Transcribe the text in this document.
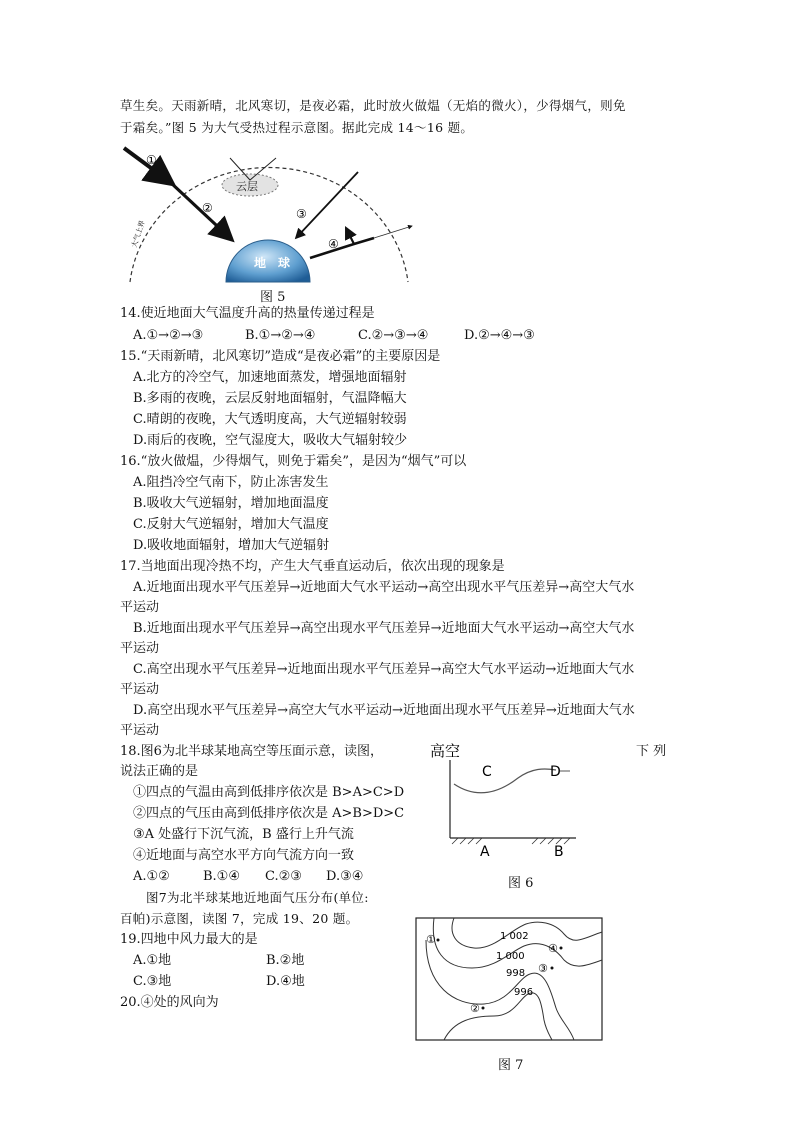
草生矣。天雨新晴，北风寒切，是夜必霜，此时放火做煴（无焰的微火），少得烟气，则免
于霜矣。”图 5 为大气受热过程示意图。据此完成 14～16 题。
地　球
云层
①
②	③
④
大气上界
图 5
14.使近地面大气温度升高的热量传递过程是
A.①→②→③	B.①→②→④	C.②→③→④	D.②→④→③
15.“天雨新晴，北风寒切”造成“是夜必霜”的主要原因是
A.北方的冷空气，加速地面蒸发，增强地面辐射
B.多雨的夜晚，云层反射地面辐射，气温降幅大
C.晴朗的夜晚，大气透明度高，大气逆辐射较弱
D.雨后的夜晚，空气湿度大，吸收大气辐射较少
16.“放火做煴，少得烟气，则免于霜矣”，是因为“烟气”可以
A.阻挡冷空气南下，防止冻害发生
B.吸收大气逆辐射，增加地面温度
C.反射大气逆辐射，增加大气温度
D.吸收地面辐射，增加大气逆辐射
17.当地面出现冷热不均，产生大气垂直运动后，依次出现的现象是
A.近地面出现水平气压差异→近地面大气水平运动→高空出现水平气压差异→高空大气水
平运动
B.近地面出现水平气压差异→高空出现水平气压差异→近地面大气水平运动→高空大气水
平运动
C.高空出现水平气压差异→近地面出现水平气压差异→高空大气水平运动→近地面大气水
平运动
D.高空出现水平气压差异→高空大气水平运动→近地面出现水平气压差异→近地面大气水
平运动
18.图6为北半球某地高空等压面示意，读图，	下 列
说法正确的是
①四点的气温由高到低排序依次是 B>A>C>D
②四点的气压由高到低排序依次是 A>B>D>C
③A 处盛行下沉气流，B 盛行上升气流
④近地面与高空水平方向气流方向一致
A.①②	B.①④ C.②③ D.③④
高空
C	D
A	B
图 6
图7为北半球某地近地面气压分布(单位:
百帕)示意图，读图 7，完成 19、20 题。
19.四地中风力最大的是
A.①地	B.②地
C.③地	D.④地
20.④处的风向为
1 002
1 000
998
996
①
④
③
②
图 7
